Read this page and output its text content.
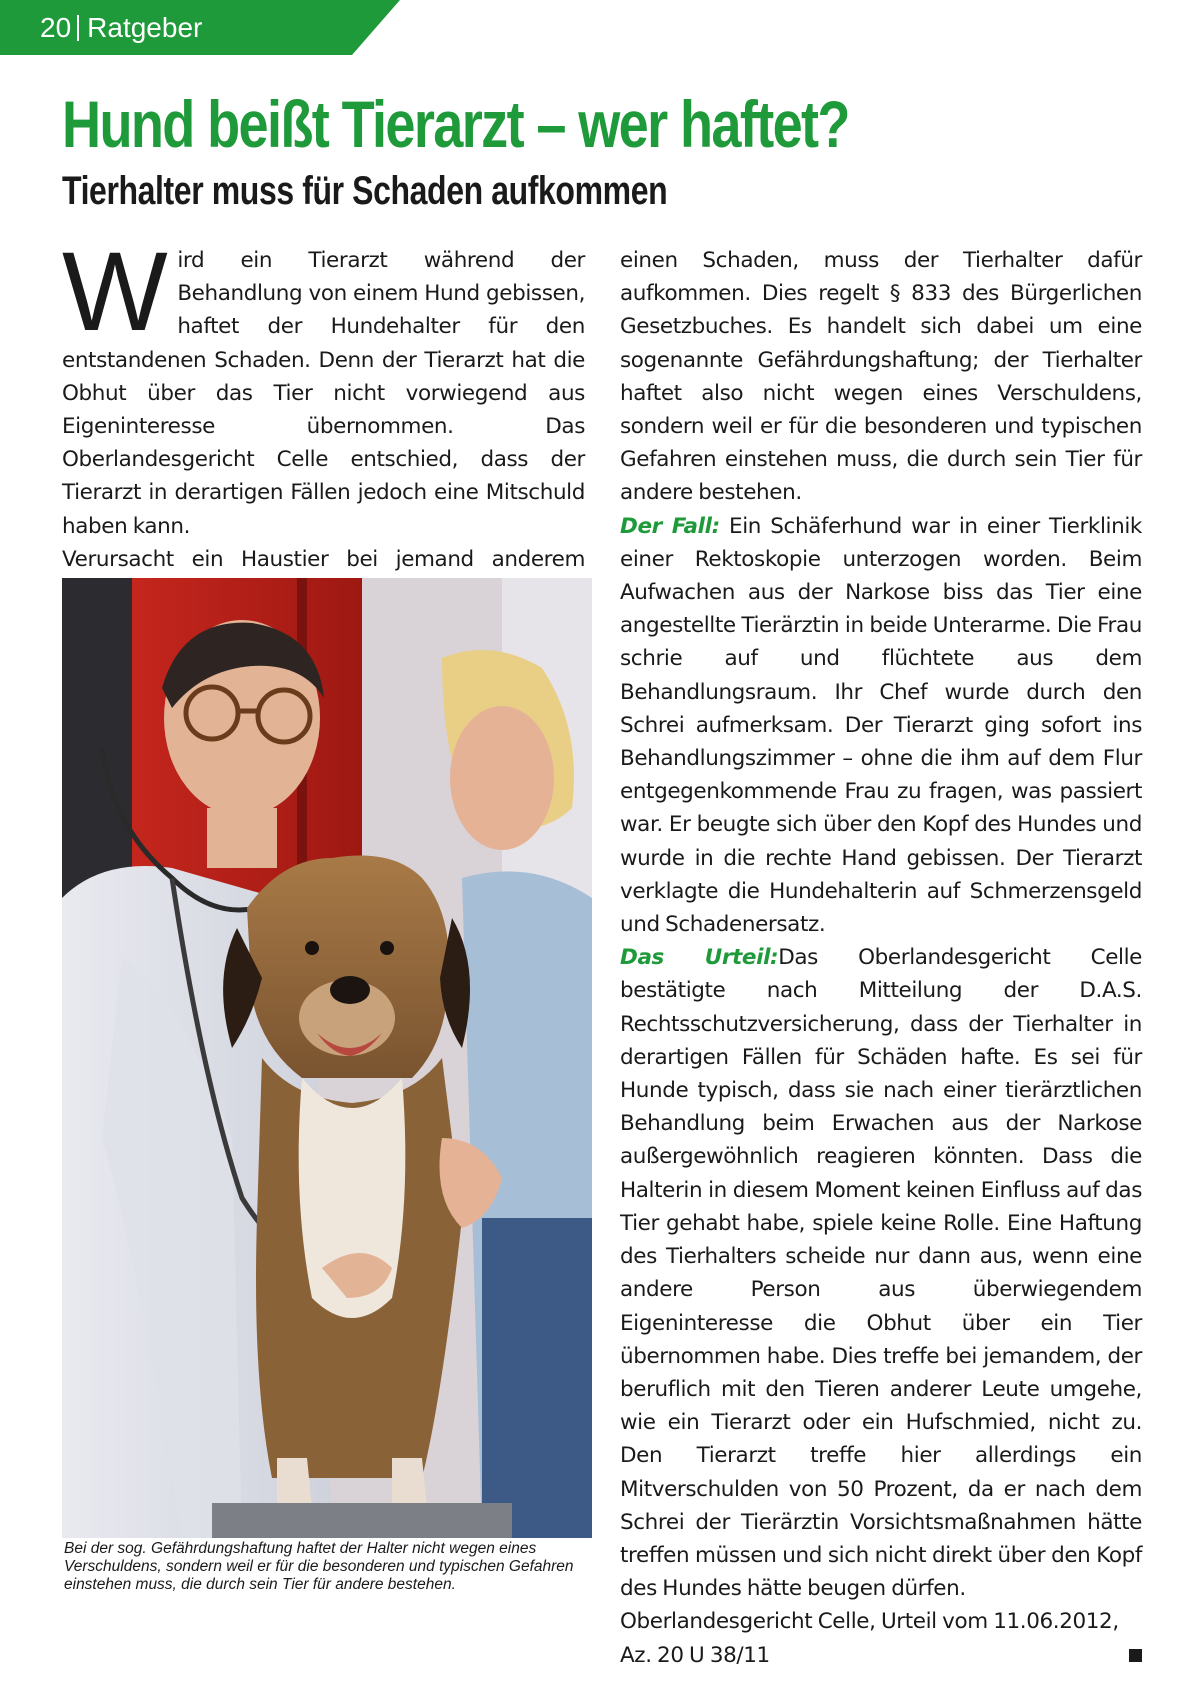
20 Ratgeber
Hund beißt Tierarzt – wer haftet?
Tierhalter muss für Schaden aufkommen

Wird ein Tierarzt während der Behandlung von einem Hund gebissen, haftet der Hundehalter für den entstandenen Schaden. Denn der Tierarzt hat die Obhut über das Tier nicht vorwiegend aus Eigeninteresse übernommen. Das Oberlandesgericht Celle entschied, dass der Tierarzt in derartigen Fällen jedoch eine Mitschuld haben kann.

Verursacht ein Haustier bei jemand anderem

Bei der sog. Gefährdungshaftung haftet der Halter nicht wegen eines Verschuldens, sondern weil er für die besonderen und typischen Gefahren einstehen muss, die durch sein Tier für andere bestehen.

einen Schaden, muss der Tierhalter dafür aufkommen. Dies regelt § 833 des Bürgerlichen Gesetzbuches. Es handelt sich dabei um eine sogenannte Gefährdungshaftung; der Tierhalter haftet also nicht wegen eines Verschuldens, sondern weil er für die besonderen und typischen Gefahren einstehen muss, die durch sein Tier für andere bestehen.

Der Fall: Ein Schäferhund war in einer Tierklinik einer Rektoskopie unterzogen worden. Beim Aufwachen aus der Narkose biss das Tier eine angestellte Tierärztin in beide Unterarme. Die Frau schrie auf und flüchtete aus dem Behandlungsraum. Ihr Chef wurde durch den Schrei aufmerksam. Der Tierarzt ging sofort ins Behandlungszimmer – ohne die ihm auf dem Flur entgegenkommende Frau zu fragen, was passiert war. Er beugte sich über den Kopf des Hundes und wurde in die rechte Hand gebissen. Der Tierarzt verklagte die Hundehalterin auf Schmerzensgeld und Schadenersatz.

Das Urteil:Das Oberlandesgericht Celle bestätigte nach Mitteilung der D.A.S. Rechtsschutzversicherung, dass der Tierhalter in derartigen Fällen für Schäden hafte. Es sei für Hunde typisch, dass sie nach einer tierärztlichen Behandlung beim Erwachen aus der Narkose außergewöhnlich reagieren könnten. Dass die Halterin in diesem Moment keinen Einfluss auf das Tier gehabt habe, spiele keine Rolle. Eine Haftung des Tierhalters scheide nur dann aus, wenn eine andere Person aus überwiegendem Eigeninteresse die Obhut über ein Tier übernommen habe. Dies treffe bei jemandem, der beruflich mit den Tieren anderer Leute umgehe, wie ein Tierarzt oder ein Hufschmied, nicht zu. Den Tierarzt treffe hier allerdings ein Mitverschulden von 50 Prozent, da er nach dem Schrei der Tierärztin Vorsichtsmaßnahmen hätte treffen müssen und sich nicht direkt über den Kopf des Hundes hätte beugen dürfen.

Oberlandesgericht Celle, Urteil vom 11.06.2012,
Az. 20 U 38/11
